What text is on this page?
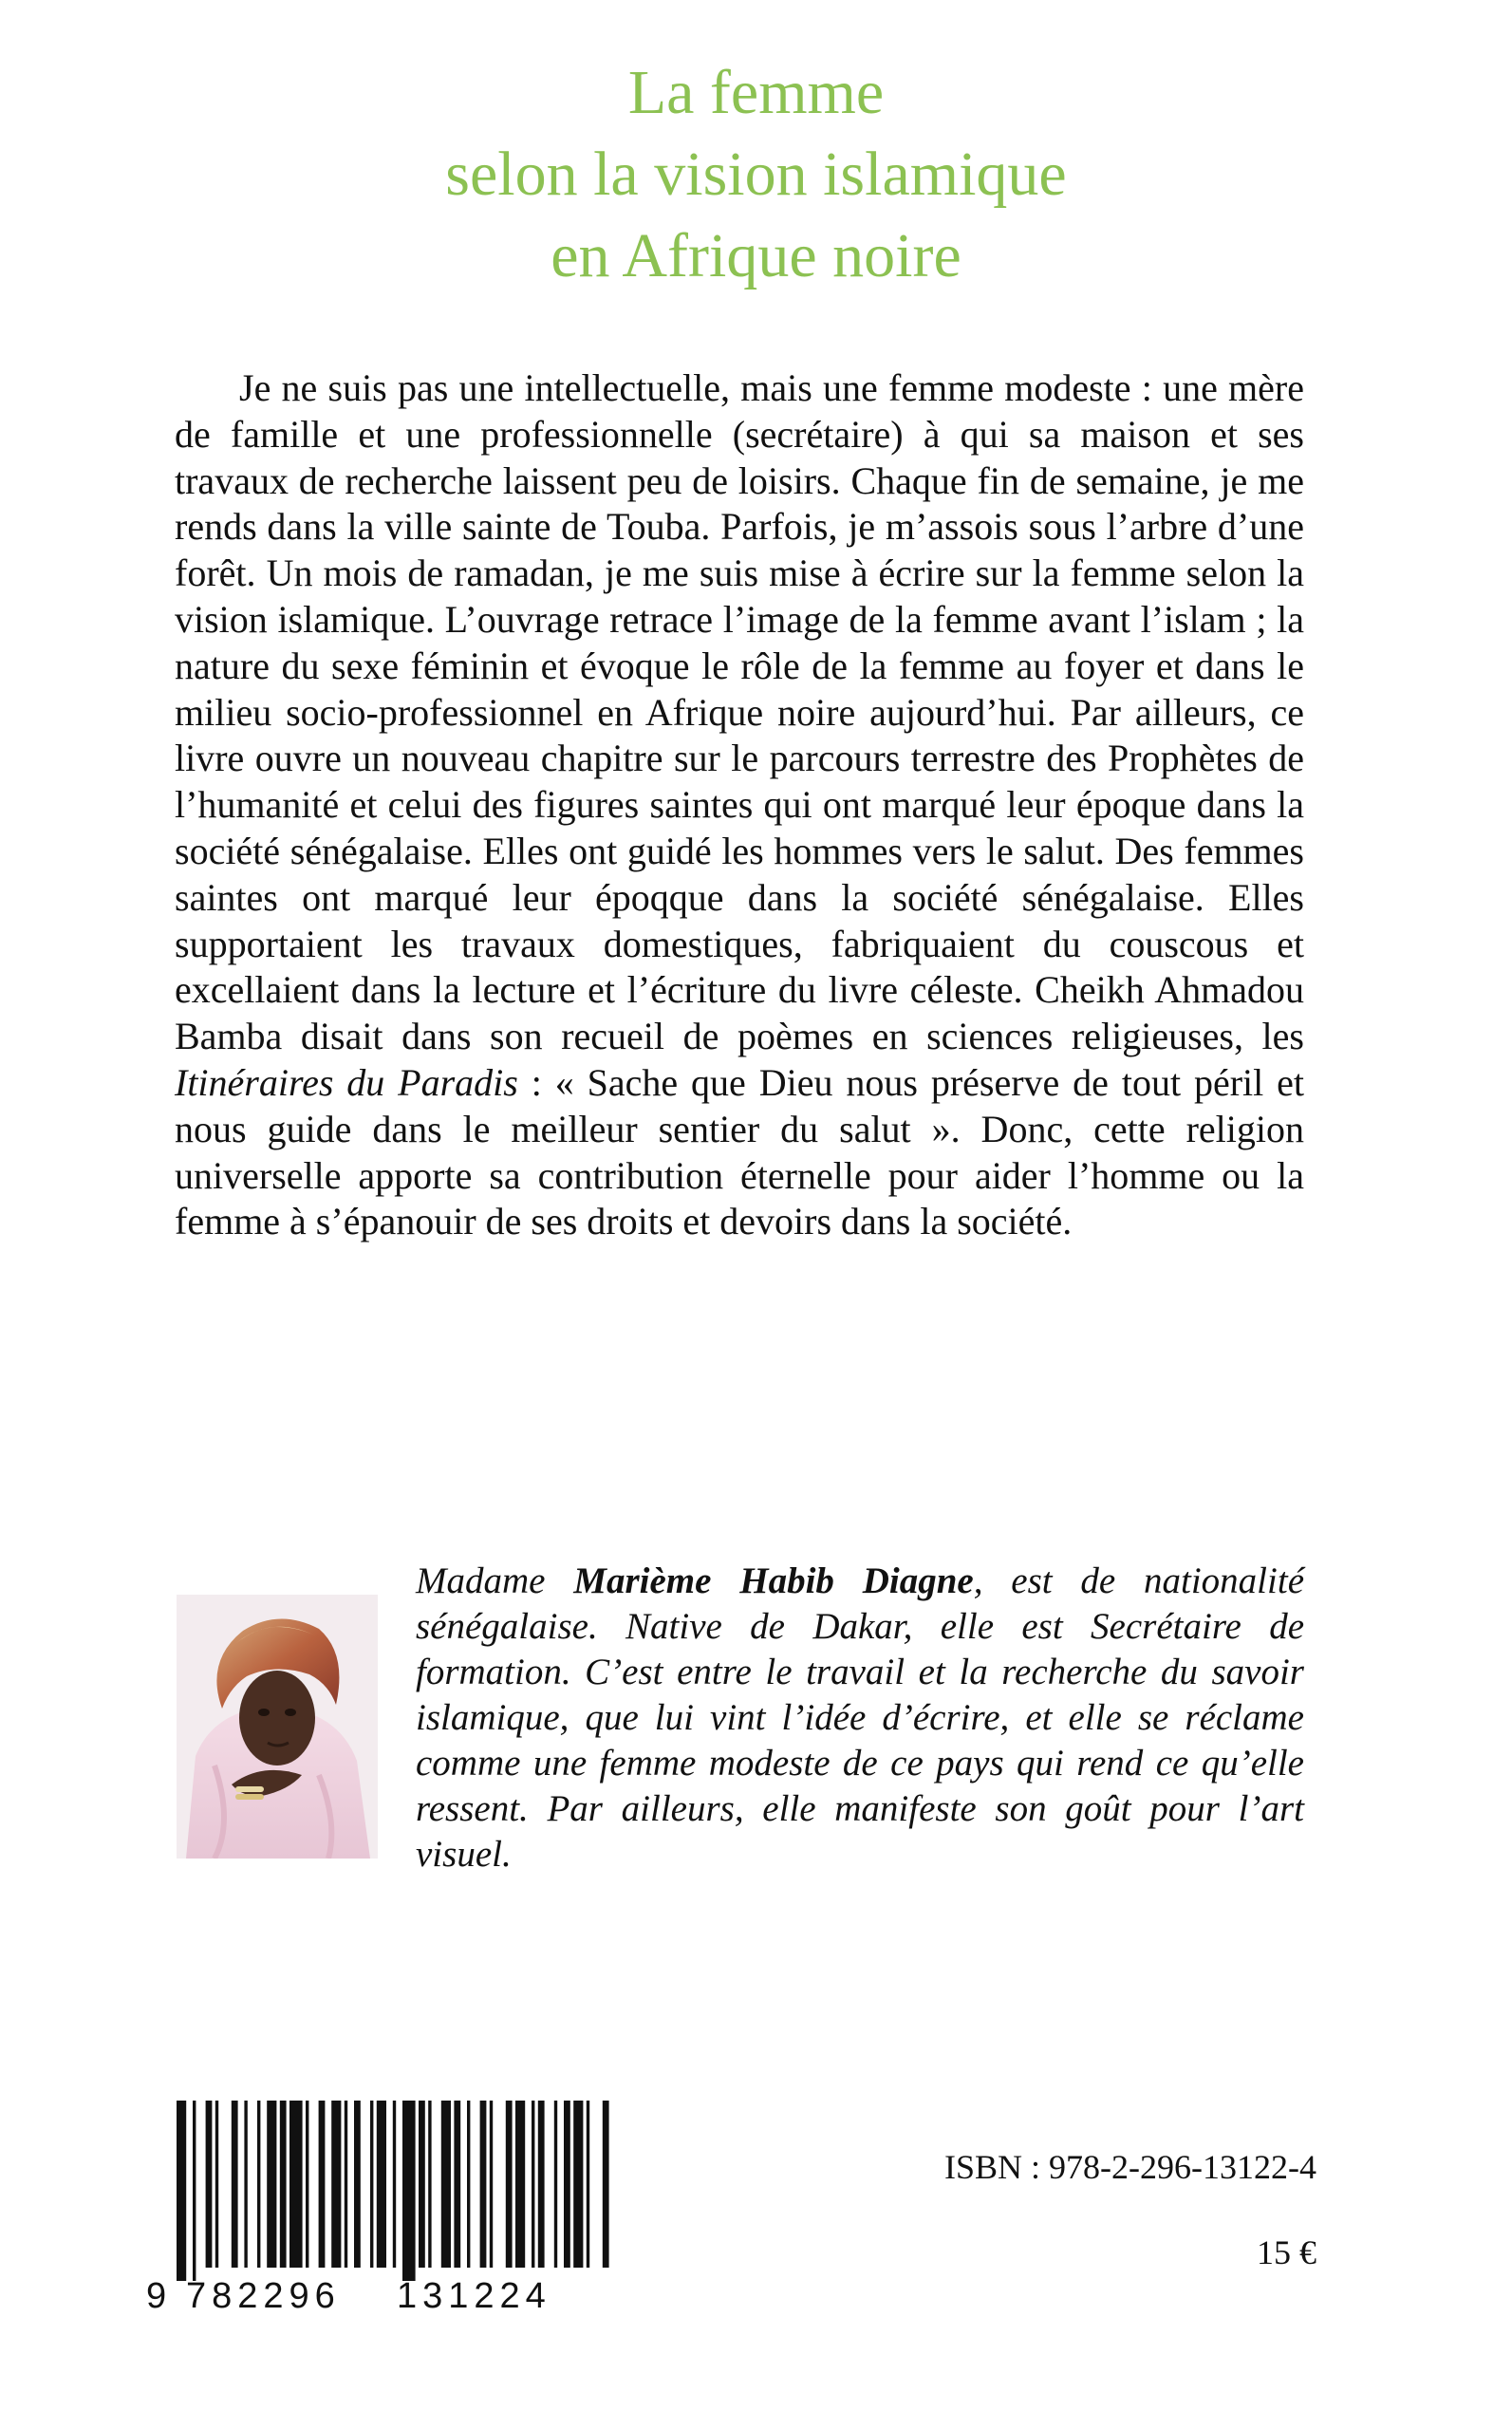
La femme
selon la vision islamique
en Afrique noire

Je ne suis pas une intellectuelle, mais une femme modeste : une mère de famille et une professionnelle (secrétaire) à qui sa maison et ses travaux de recherche laissent peu de loisirs. Chaque fin de semaine, je me rends dans la ville sainte de Touba. Parfois, je m’assois sous l’arbre d’une forêt. Un mois de ramadan, je me suis mise à écrire sur la femme selon la vision islamique. L’ouvrage retrace l’image de la femme avant l’islam ; la nature du sexe féminin et évoque le rôle de la femme au foyer et dans le milieu socio-professionnel en Afrique noire aujourd’hui. Par ailleurs, ce livre ouvre un nouveau chapitre sur le parcours terrestre des Prophètes de l’humanité et celui des figures saintes qui ont marqué leur époque dans la société sénégalaise. Elles ont guidé les hommes vers le salut. Des femmes saintes ont marqué leur époqque dans la société sénégalaise. Elles supportaient les travaux domestiques, fabriquaient du couscous et excellaient dans la lecture et l’écriture du livre céleste. Cheikh Ahmadou Bamba disait dans son recueil de poèmes en sciences religieuses, les Itinéraires du Paradis : « Sache que Dieu nous préserve de tout péril et nous guide dans le meilleur sentier du salut ». Donc, cette religion universelle apporte sa contribution éternelle pour aider l’homme ou la femme à s’épanouir de ses droits et devoirs dans la société.

Madame Marième Habib Diagne, est de nationalité sénégalaise. Native de Dakar, elle est Secrétaire de formation. C’est entre le travail et la recherche du savoir islamique, que lui vint l’idée d’écrire, et elle se réclame comme une femme modeste de ce pays qui rend ce qu’elle ressent. Par ailleurs, elle manifeste son goût pour l’art visuel.

9 782296 131224

ISBN : 978-2-296-13122-4

15 €
